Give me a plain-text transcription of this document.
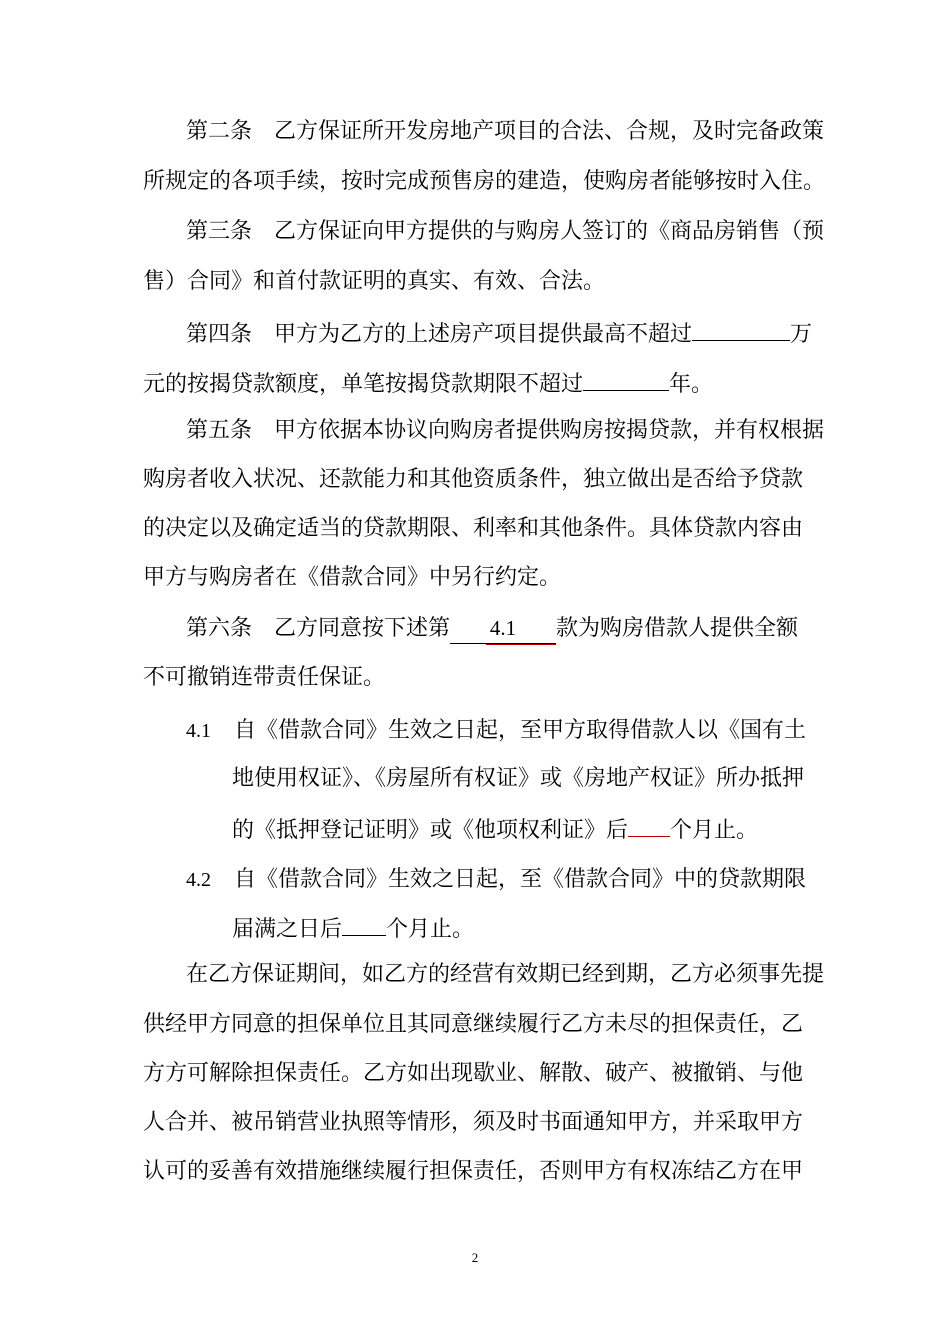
第二条 乙方保证所开发房地产项目的合法、合规，及时完备政策
所规定的各项手续，按时完成预售房的建造，使购房者能够按时入住。
第三条 乙方保证向甲方提供的与购房人签订的《商品房销售（预
售）合同》和首付款证明的真实、有效、合法。
第四条 甲方为乙方的上述房产项目提供最高不超过	万
元的按揭贷款额度，单笔按揭贷款期限不超过	年。
第五条 甲方依据本协议向购房者提供购房按揭贷款，并有权根据
购房者收入状况、还款能力和其他资质条件，独立做出是否给予贷款
的决定以及确定适当的贷款期限、利率和其他条件。具体贷款内容由
甲方与购房者在《借款合同》中另行约定。
第六条 乙方同意按下述第 4.1 款为购房借款人提供全额
不可撤销连带责任保证。
4.1 自《借款合同》生效之日起，至甲方取得借款人以《国有土
地使用权证》、《房屋所有权证》或《房地产权证》所办抵押
的《抵押登记证明》或《他项权利证》后 个月止。
4.2 自《借款合同》生效之日起，至《借款合同》中的贷款期限
届满之日后 个月止。
在乙方保证期间，如乙方的经营有效期已经到期，乙方必须事先提
供经甲方同意的担保单位且其同意继续履行乙方未尽的担保责任，乙
方方可解除担保责任。乙方如出现歇业、解散、破产、被撤销、与他
人合并、被吊销营业执照等情形，须及时书面通知甲方，并采取甲方
认可的妥善有效措施继续履行担保责任，否则甲方有权冻结乙方在甲
2
